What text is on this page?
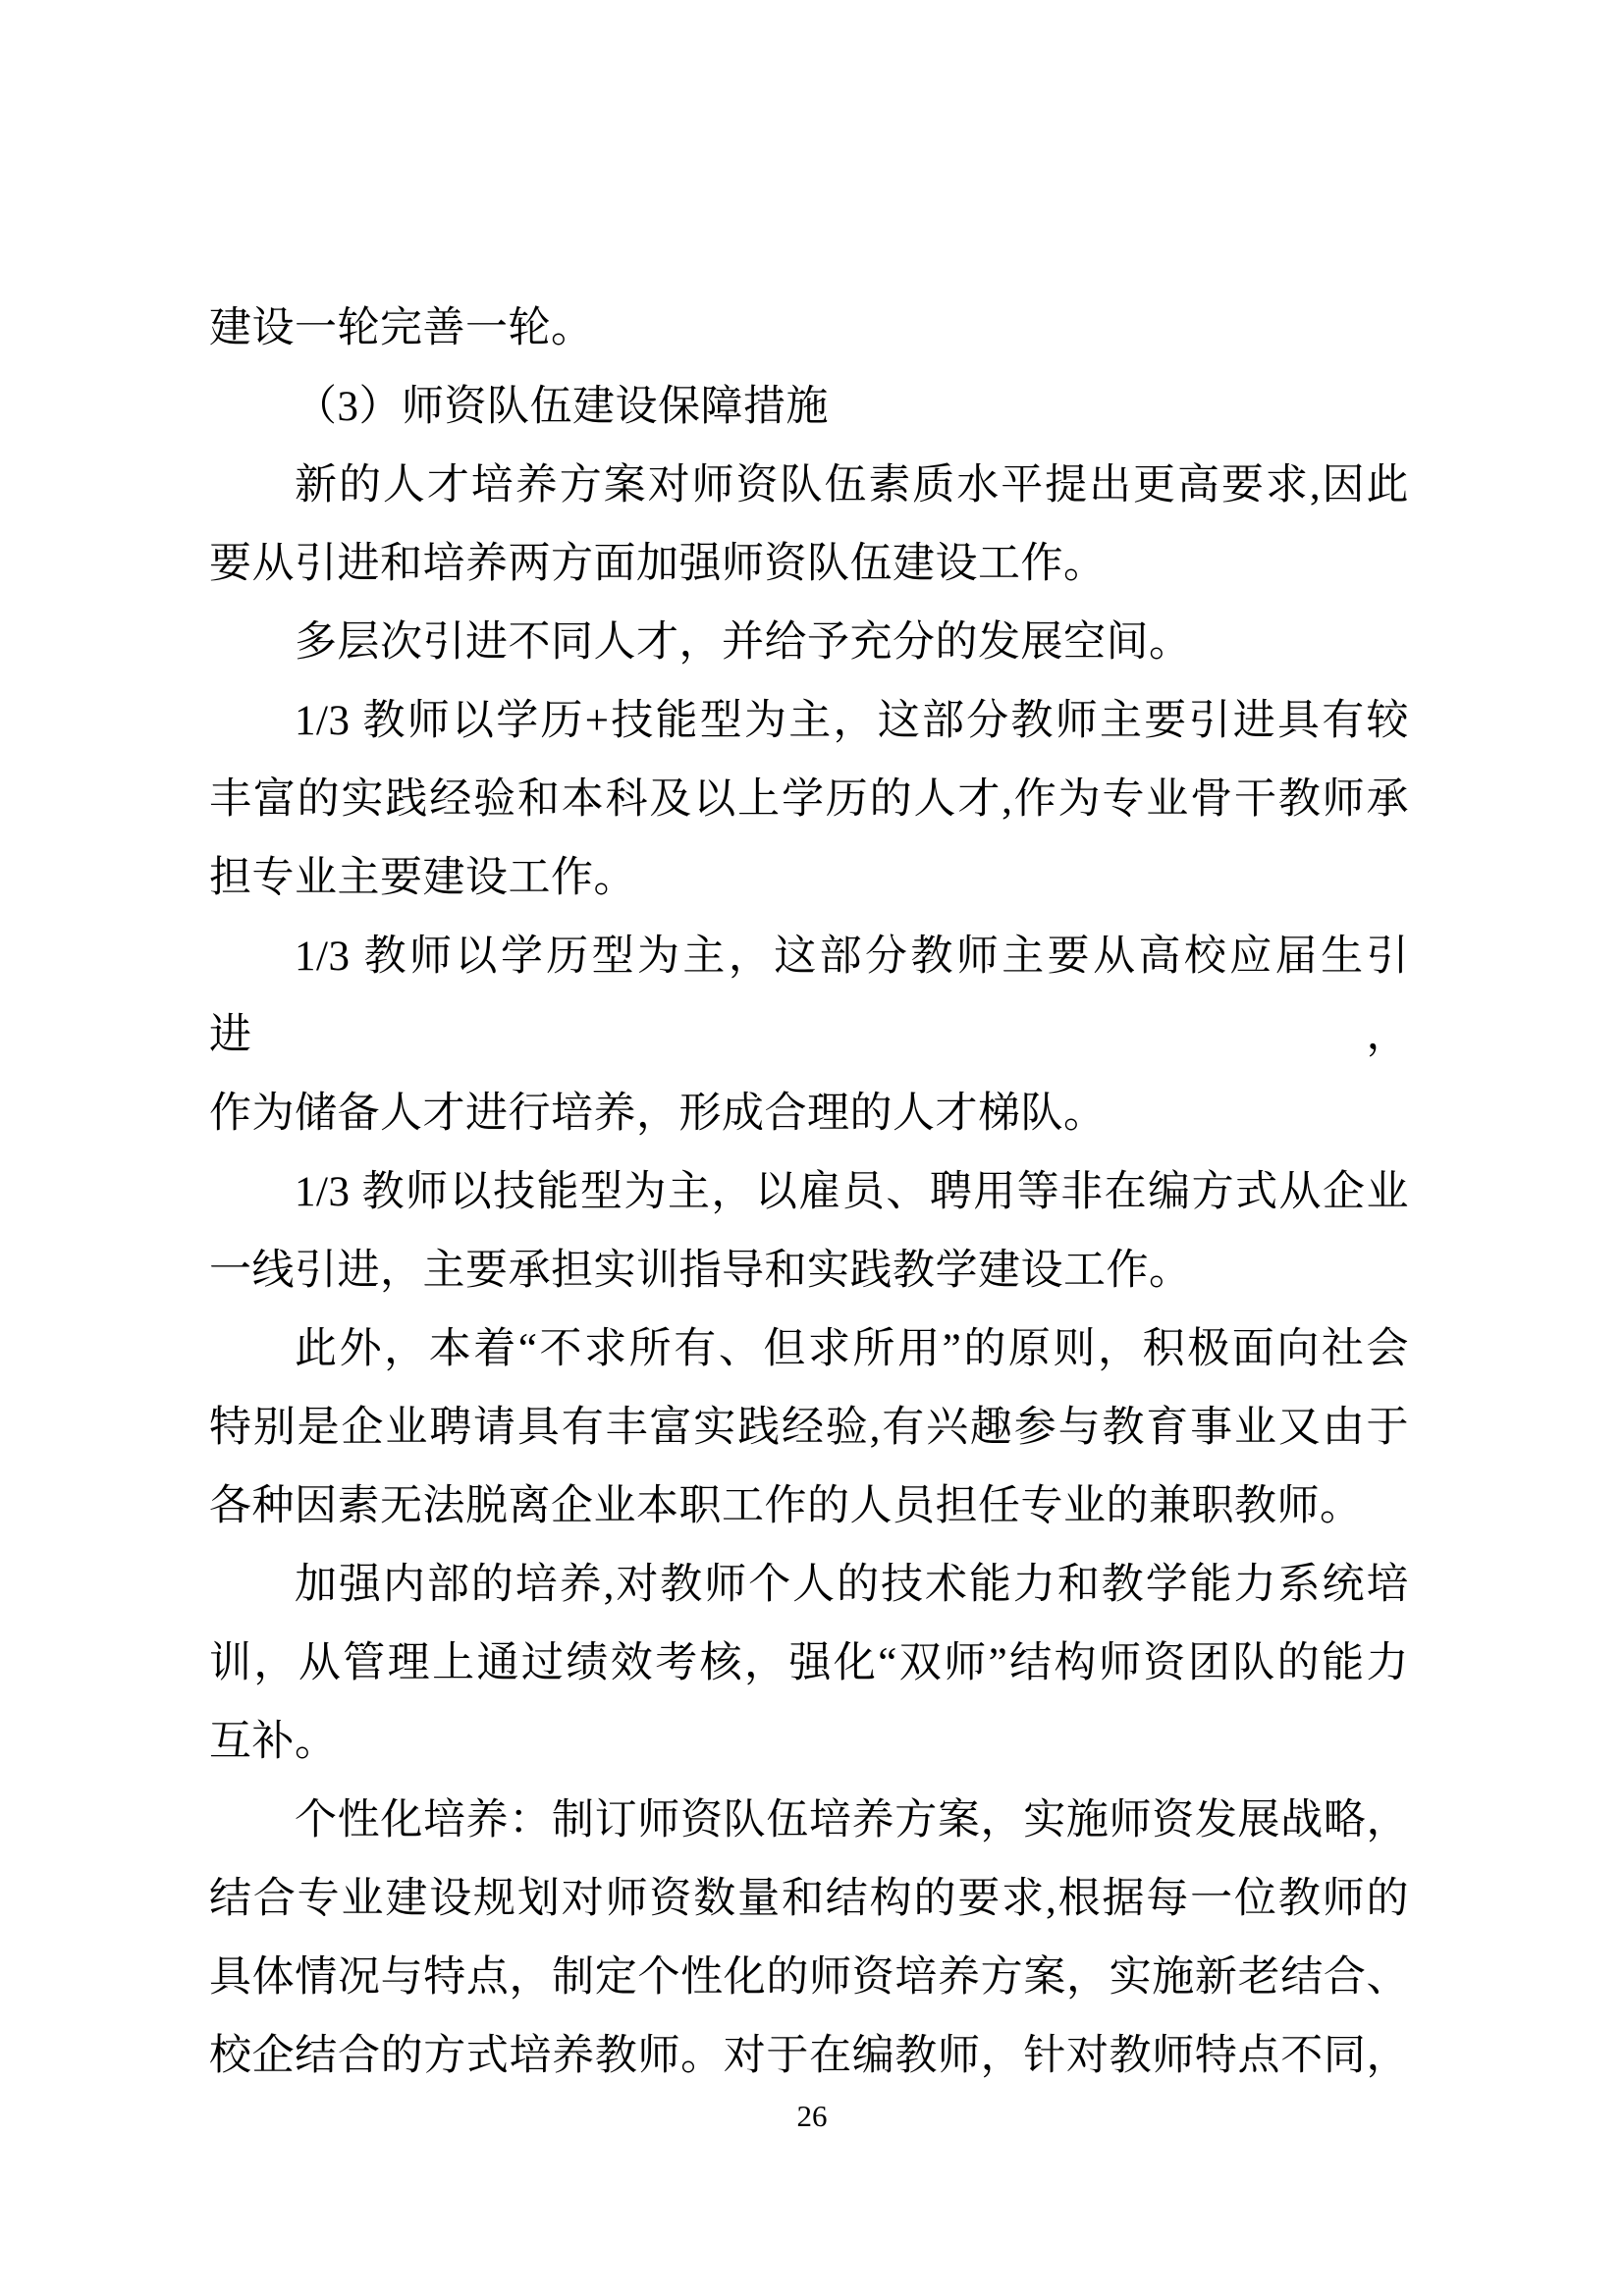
建设一轮完善一轮。
（3）师资队伍建设保障措施
新的人才培养方案对师资队伍素质水平提出更高要求,因此
要从引进和培养两方面加强师资队伍建设工作。
多层次引进不同人才，并给予充分的发展空间。
1/3 教师以学历+技能型为主，这部分教师主要引进具有较
丰富的实践经验和本科及以上学历的人才,作为专业骨干教师承
担专业主要建设工作。
1/3 教师以学历型为主，这部分教师主要从高校应届生引进，
作为储备人才进行培养，形成合理的人才梯队。
1/3 教师以技能型为主，以雇员、聘用等非在编方式从企业
一线引进，主要承担实训指导和实践教学建设工作。
此外，本着“不求所有、但求所用”的原则，积极面向社会
特别是企业聘请具有丰富实践经验,有兴趣参与教育事业又由于
各种因素无法脱离企业本职工作的人员担任专业的兼职教师。
加强内部的培养,对教师个人的技术能力和教学能力系统培
训，从管理上通过绩效考核，强化“双师”结构师资团队的能力
互补。
个性化培养：制订师资队伍培养方案，实施师资发展战略，
结合专业建设规划对师资数量和结构的要求,根据每一位教师的
具体情况与特点，制定个性化的师资培养方案，实施新老结合、
校企结合的方式培养教师。对于在编教师，针对教师特点不同，
26
